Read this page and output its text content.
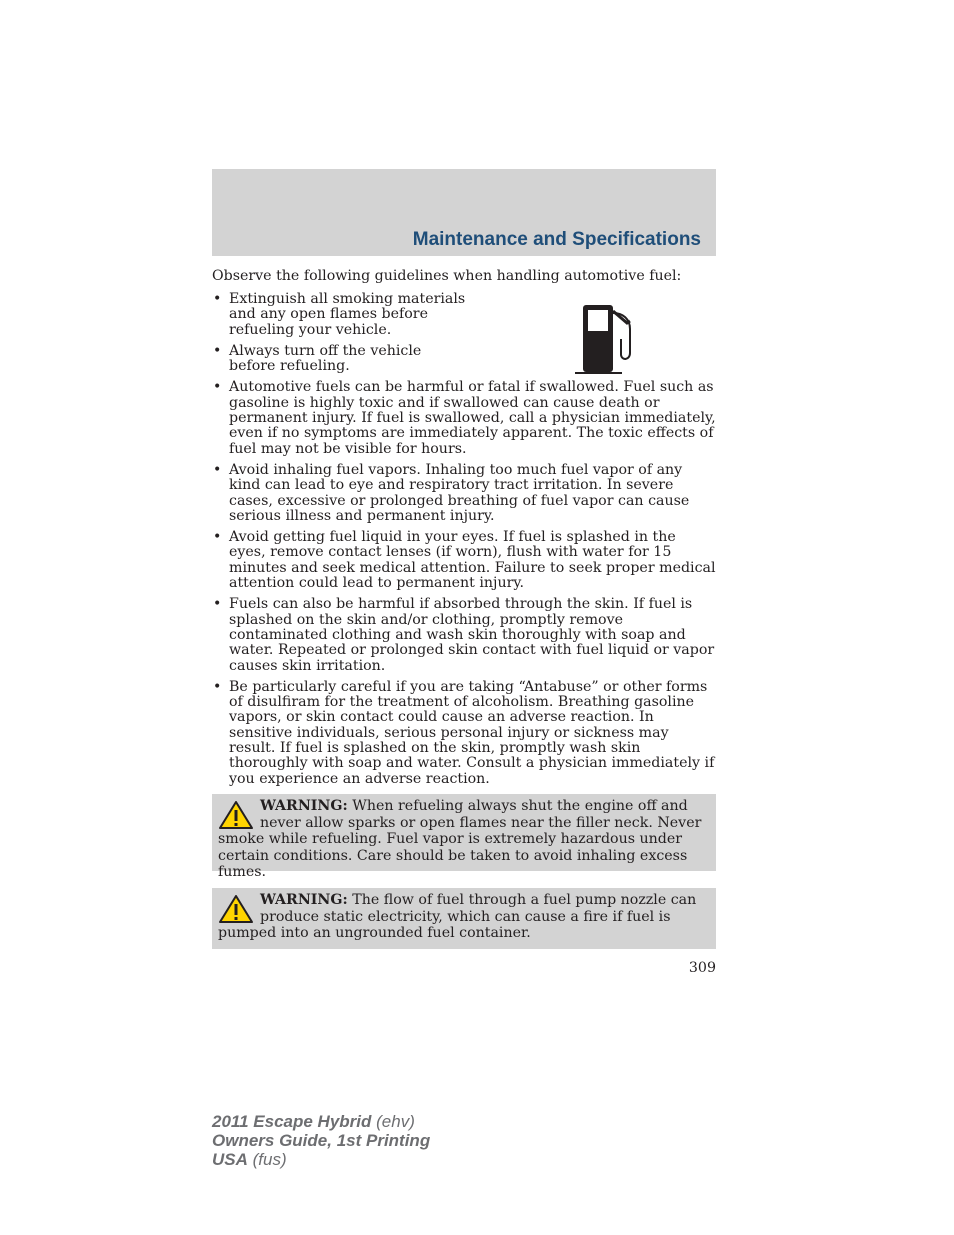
Maintenance and Specifications
Observe the following guidelines when handling automotive fuel:
• Extinguish all smoking materials and any open flames before refueling your vehicle.
• Always turn off the vehicle before refueling.
• Automotive fuels can be harmful or fatal if swallowed. Fuel such as gasoline is highly toxic and if swallowed can cause death or permanent injury. If fuel is swallowed, call a physician immediately, even if no symptoms are immediately apparent. The toxic effects of fuel may not be visible for hours.
• Avoid inhaling fuel vapors. Inhaling too much fuel vapor of any kind can lead to eye and respiratory tract irritation. In severe cases, excessive or prolonged breathing of fuel vapor can cause serious illness and permanent injury.
• Avoid getting fuel liquid in your eyes. If fuel is splashed in the eyes, remove contact lenses (if worn), flush with water for 15 minutes and seek medical attention. Failure to seek proper medical attention could lead to permanent injury.
• Fuels can also be harmful if absorbed through the skin. If fuel is splashed on the skin and/or clothing, promptly remove contaminated clothing and wash skin thoroughly with soap and water. Repeated or prolonged skin contact with fuel liquid or vapor causes skin irritation.
• Be particularly careful if you are taking “Antabuse” or other forms of disulfiram for the treatment of alcoholism. Breathing gasoline vapors, or skin contact could cause an adverse reaction. In sensitive individuals, serious personal injury or sickness may result. If fuel is splashed on the skin, promptly wash skin thoroughly with soap and water. Consult a physician immediately if you experience an adverse reaction.
WARNING: When refueling always shut the engine off and never allow sparks or open flames near the filler neck. Never smoke while refueling. Fuel vapor is extremely hazardous under certain conditions. Care should be taken to avoid inhaling excess fumes.
WARNING: The flow of fuel through a fuel pump nozzle can produce static electricity, which can cause a fire if fuel is pumped into an ungrounded fuel container.
309
2011 Escape Hybrid (ehv)
Owners Guide, 1st Printing
USA (fus)
